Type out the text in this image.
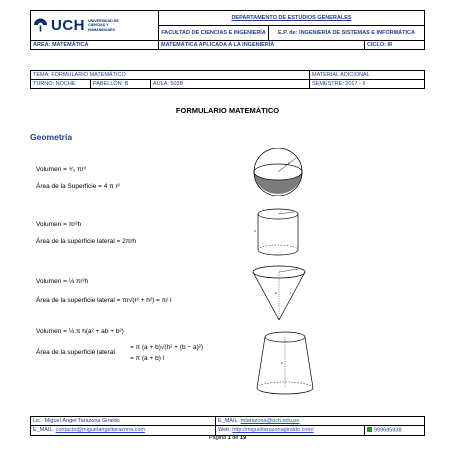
UCH UNIVERSIDAD DE
CIENCIAS Y
HUMANIDADES	DEPARTAMENTO DE ESTUDIOS GENERALES		
	FACULTAD DE CIENCIAS E INGENIERÍA	E.P. de: INGENIERÍA DE SISTEMAS E INFORMÁTICA	
ÁREA: MATEMÁTICA	MATEMÁTICA APLICADA A LA INGENIERÍA		CICLO: III
TEMA: FORMULARIO MATEMÁTICO			MATERIAL ADICIONAL
TURNO: NOCHE	PABELLÓN: B	AULA: 503B	SEMESTRE: 2017 - II
FORMULARIO MATEMÁTICO
Geometría
Volumen = ⁴⁄₃ πr³
Área de la Superficie = 4 π r²
r
Volumen = πr²h
Área de la superficie lateral = 2πrh
h
Volumen = ⅓ πr²h
Área de la superficie lateral = πr√(r² + h²) = πr l
h	l
Volumen = ⅓ π h(a² + ab + b²)
Área de la superficie lateral
= π (a + b)√(h² + (b − a)²)
= π (a + b) l
h
Lic.: Miguel Ángel Tarazona Giraldo	E_MAIL. mtarazona@uch.edu.pe	
E_MAIL. contacto@miguelangeltarazona.com	Web: http://migueltarazonagiraldo.com/	999685938
Página 1 de 19
